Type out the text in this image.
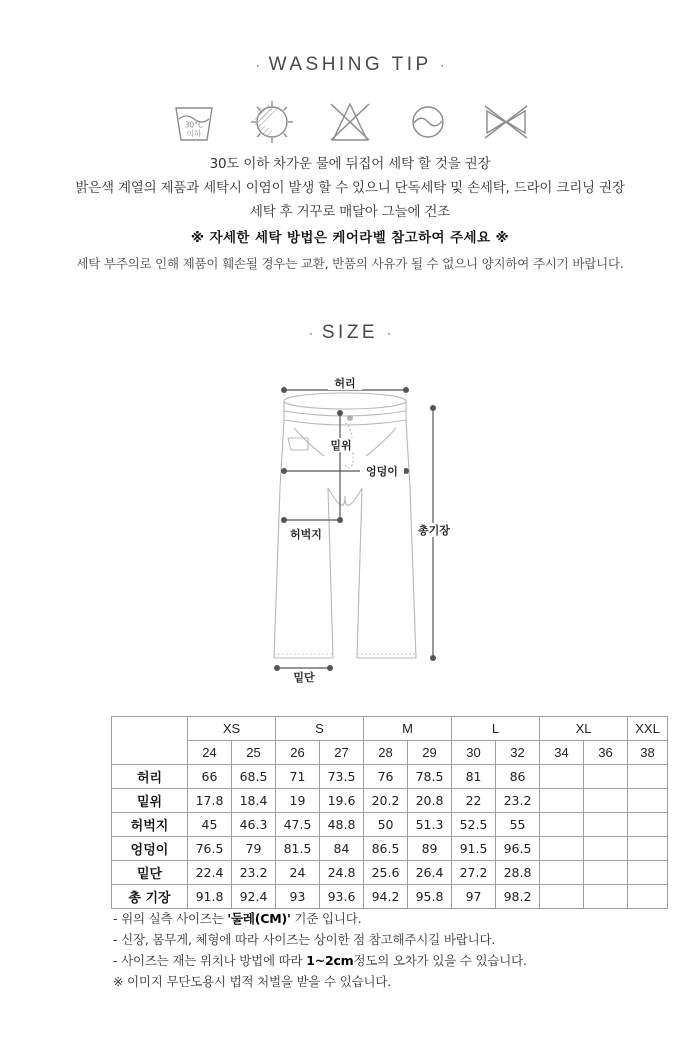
· WASHING TIP ·
30°C
이하

30도 이하 차가운 물에 뒤집어 세탁 할 것을 권장

밝은색 계열의 제품과 세탁시 이염이 발생 할 수 있으니 단독세탁 및 손세탁, 드라이 크리닝 권장

세탁 후 거꾸로 매달아 그늘에 건조

※ 자세한 세탁 방법은 케어라벨 참고하여 주세요 ※

세탁 부주의로 인해 제품이 훼손될 경우는 교환, 반품의 사유가 될 수 없으니 양지하여 주시기 바랍니다.

· SIZE ·
허리
밑위
엉덩이
허벅지	총기장
밑단
	XS		S		M		L		XL		XXL
	24	25	26	27	28	29	30	32	34	36	38
허리	66	68.5	71	73.5	76	78.5	81	86			
밑위	17.8	18.4	19	19.6	20.2	20.8	22	23.2			
허벅지	45	46.3	47.5	48.8	50	51.3	52.5	55			
엉덩이	76.5	79	81.5	84	86.5	89	91.5	96.5			
밑단	22.4	23.2	24	24.8	25.6	26.4	27.2	28.8			
총 기장	91.8	92.4	93	93.6	94.2	95.8	97	98.2			

- 위의 실측 사이즈는 '둘레(CM)' 기준 입니다.

- 신장, 몸무게, 체형에 따라 사이즈는 상이한 점 참고해주시길 바랍니다.

- 사이즈는 재는 위치나 방법에 따라 1~2cm정도의 오차가 있을 수 있습니다.

※ 이미지 무단도용시 법적 처벌을 받을 수 있습니다.
